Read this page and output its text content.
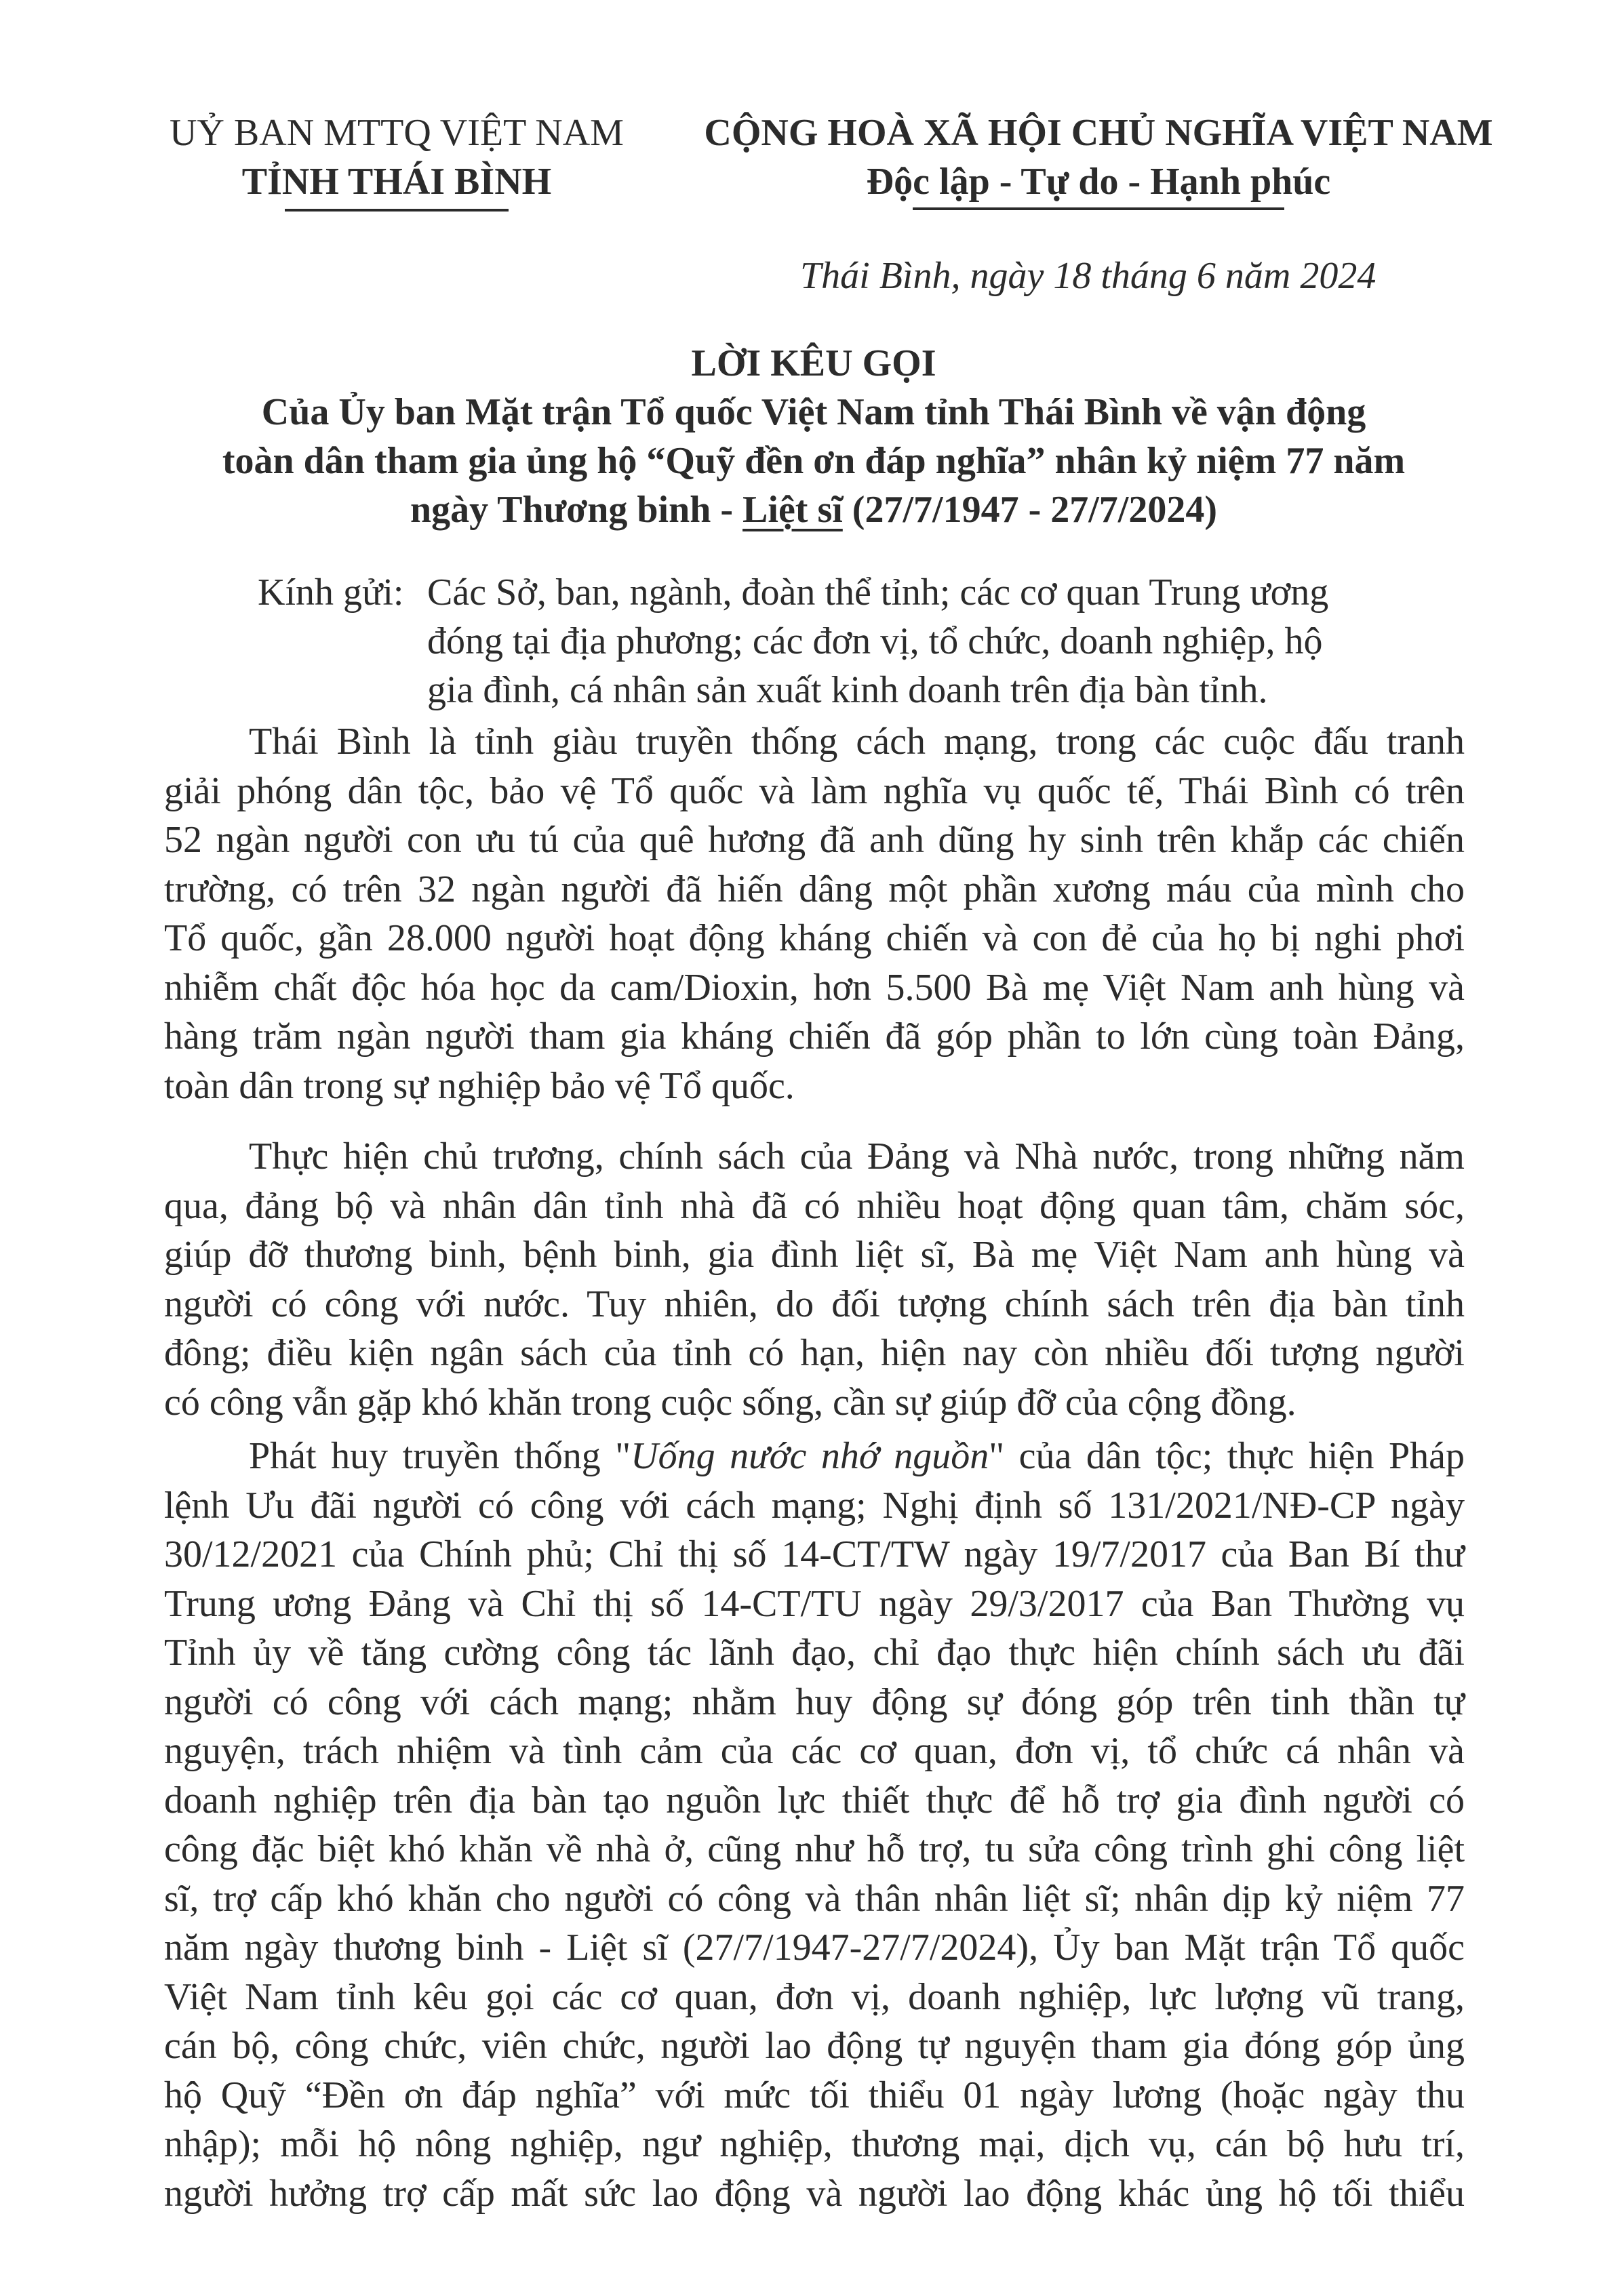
UỶ BAN MTTQ VIỆT NAM
TỈNH THÁI BÌNH
CỘNG HOÀ XÃ HỘI CHỦ NGHĨA VIỆT NAM
Độc lập - Tự do - Hạnh phúc
Thái Bình, ngày 18 tháng 6 năm 2024
LỜI KÊU GỌI
Của Ủy ban Mặt trận Tổ quốc Việt Nam tỉnh Thái Bình về vận động
toàn dân tham gia ủng hộ “Quỹ đền ơn đáp nghĩa” nhân kỷ niệm 77 năm
ngày Thương binh - Liệt sĩ (27/7/1947 - 27/7/2024)
Kính gửi: Các Sở, ban, ngành, đoàn thể tỉnh; các cơ quan Trung ương
đóng tại địa phương; các đơn vị, tổ chức, doanh nghiệp, hộ
gia đình, cá nhân sản xuất kinh doanh trên địa bàn tỉnh.
Thái Bình là tỉnh giàu truyền thống cách mạng, trong các cuộc đấu tranh
giải phóng dân tộc, bảo vệ Tổ quốc và làm nghĩa vụ quốc tế, Thái Bình có trên
52 ngàn người con ưu tú của quê hương đã anh dũng hy sinh trên khắp các chiến
trường, có trên 32 ngàn người đã hiến dâng một phần xương máu của mình cho
Tổ quốc, gần 28.000 người hoạt động kháng chiến và con đẻ của họ bị nghi phơi
nhiễm chất độc hóa học da cam/Dioxin, hơn 5.500 Bà mẹ Việt Nam anh hùng và
hàng trăm ngàn người tham gia kháng chiến đã góp phần to lớn cùng toàn Đảng,
toàn dân trong sự nghiệp bảo vệ Tổ quốc.
Thực hiện chủ trương, chính sách của Đảng và Nhà nước, trong những năm
qua, đảng bộ và nhân dân tỉnh nhà đã có nhiều hoạt động quan tâm, chăm sóc,
giúp đỡ thương binh, bệnh binh, gia đình liệt sĩ, Bà mẹ Việt Nam anh hùng và
người có công với nước. Tuy nhiên, do đối tượng chính sách trên địa bàn tỉnh
đông; điều kiện ngân sách của tỉnh có hạn, hiện nay còn nhiều đối tượng người
có công vẫn gặp khó khăn trong cuộc sống, cần sự giúp đỡ của cộng đồng.
Phát huy truyền thống "Uống nước nhớ nguồn" của dân tộc; thực hiện Pháp
lệnh Ưu đãi người có công với cách mạng; Nghị định số 131/2021/NĐ-CP ngày
30/12/2021 của Chính phủ; Chỉ thị số 14-CT/TW ngày 19/7/2017 của Ban Bí thư
Trung ương Đảng và Chỉ thị số 14-CT/TU ngày 29/3/2017 của Ban Thường vụ
Tỉnh ủy về tăng cường công tác lãnh đạo, chỉ đạo thực hiện chính sách ưu đãi
người có công với cách mạng; nhằm huy động sự đóng góp trên tinh thần tự
nguyện, trách nhiệm và tình cảm của các cơ quan, đơn vị, tổ chức cá nhân và
doanh nghiệp trên địa bàn tạo nguồn lực thiết thực để hỗ trợ gia đình người có
công đặc biệt khó khăn về nhà ở, cũng như hỗ trợ, tu sửa công trình ghi công liệt
sĩ, trợ cấp khó khăn cho người có công và thân nhân liệt sĩ; nhân dịp kỷ niệm 77
năm ngày thương binh - Liệt sĩ (27/7/1947-27/7/2024), Ủy ban Mặt trận Tổ quốc
Việt Nam tỉnh kêu gọi các cơ quan, đơn vị, doanh nghiệp, lực lượng vũ trang,
cán bộ, công chức, viên chức, người lao động tự nguyện tham gia đóng góp ủng
hộ Quỹ “Đền ơn đáp nghĩa” với mức tối thiểu 01 ngày lương (hoặc ngày thu
nhập); mỗi hộ nông nghiệp, ngư nghiệp, thương mại, dịch vụ, cán bộ hưu trí,
người hưởng trợ cấp mất sức lao động và người lao động khác ủng hộ tối thiểu
